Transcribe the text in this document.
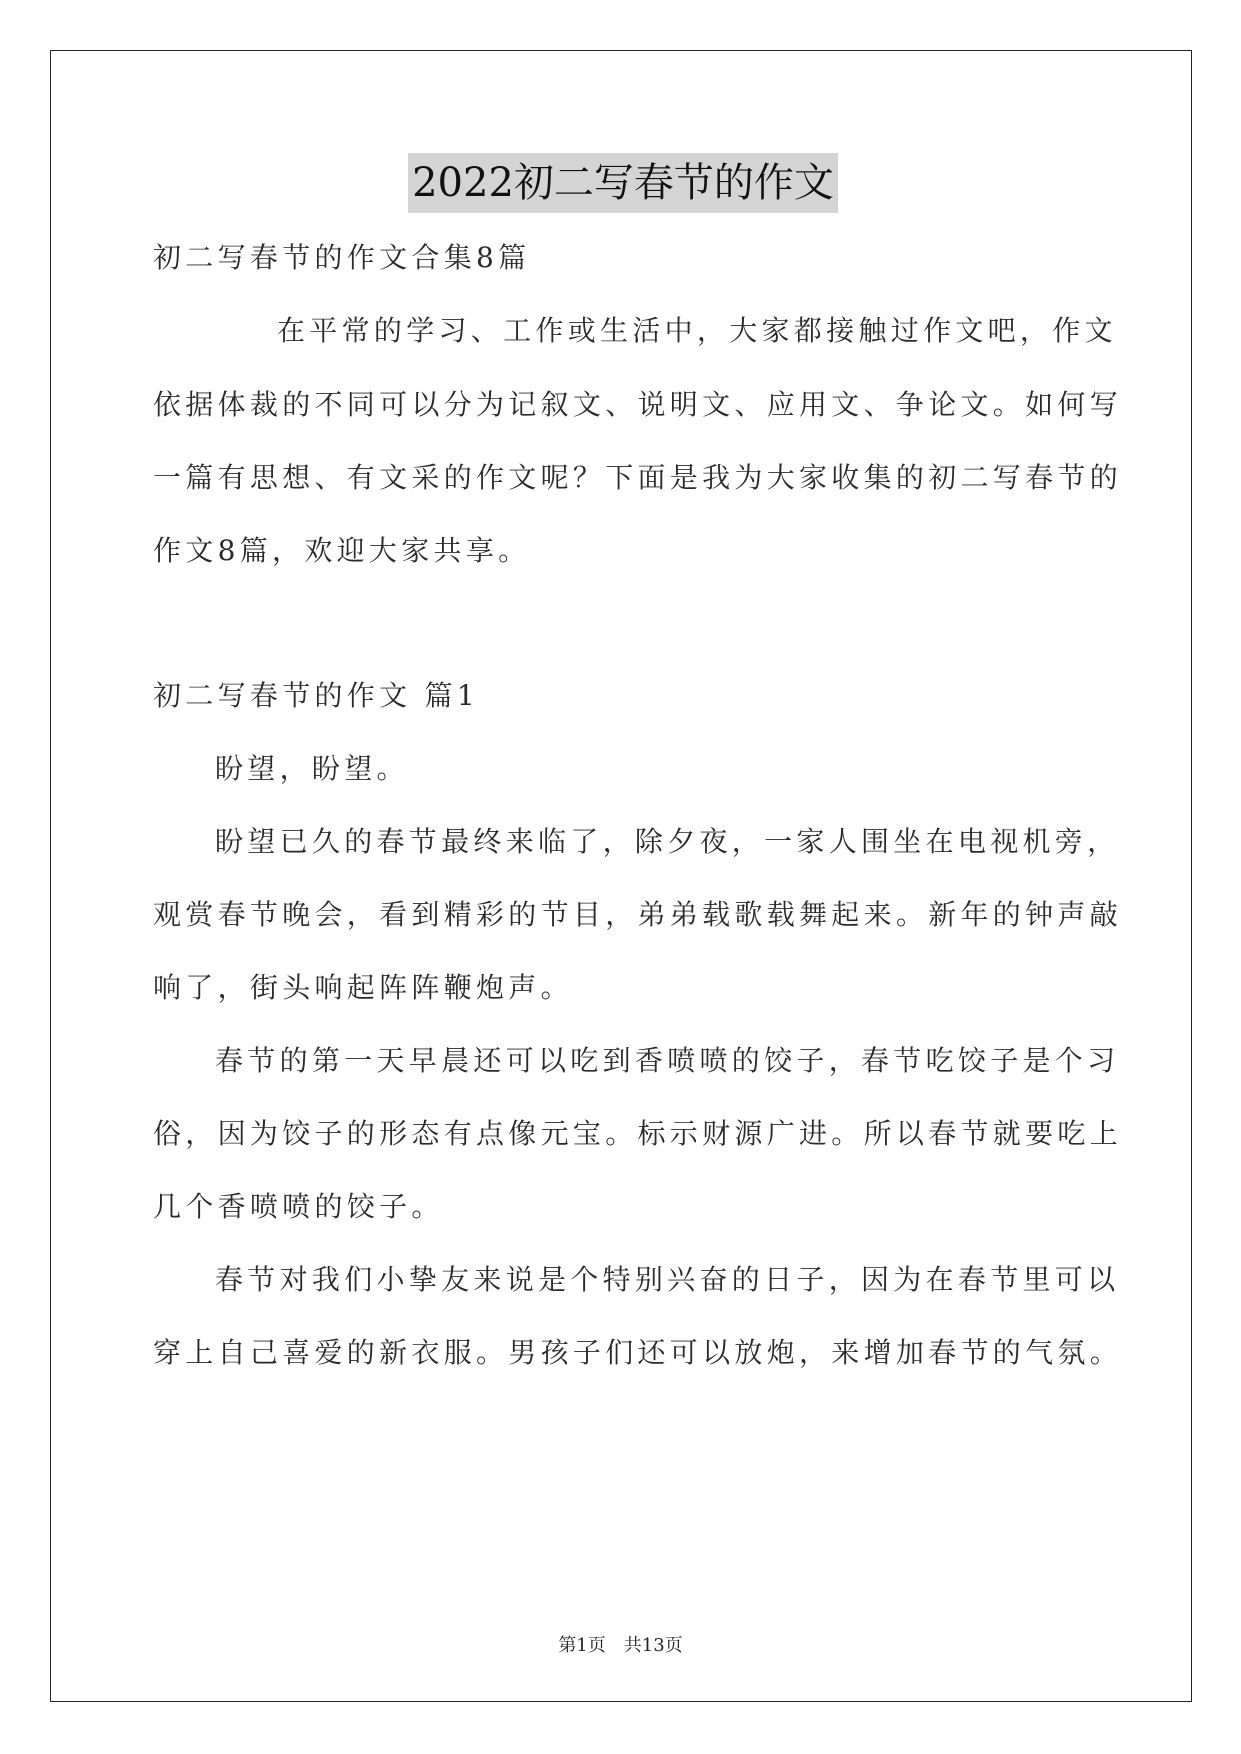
2022初二写春节的作文
初二写春节的作文合集8篇
在平常的学习、工作或生活中，大家都接触过作文吧，作文
依据体裁的不同可以分为记叙文、说明文、应用文、争论文。如何写
一篇有思想、有文采的作文呢？下面是我为大家收集的初二写春节的
作文8篇，欢迎大家共享。
初二写春节的作文 篇1
盼望，盼望。
盼望已久的春节最终来临了，除夕夜，一家人围坐在电视机旁，
观赏春节晚会，看到精彩的节目，弟弟载歌载舞起来。新年的钟声敲
响了，街头响起阵阵鞭炮声。
春节的第一天早晨还可以吃到香喷喷的饺子，春节吃饺子是个习
俗，因为饺子的形态有点像元宝。标示财源广进。所以春节就要吃上
几个香喷喷的饺子。
春节对我们小挚友来说是个特别兴奋的日子，因为在春节里可以
穿上自己喜爱的新衣服。男孩子们还可以放炮，来增加春节的气氛。
第1页　共13页
